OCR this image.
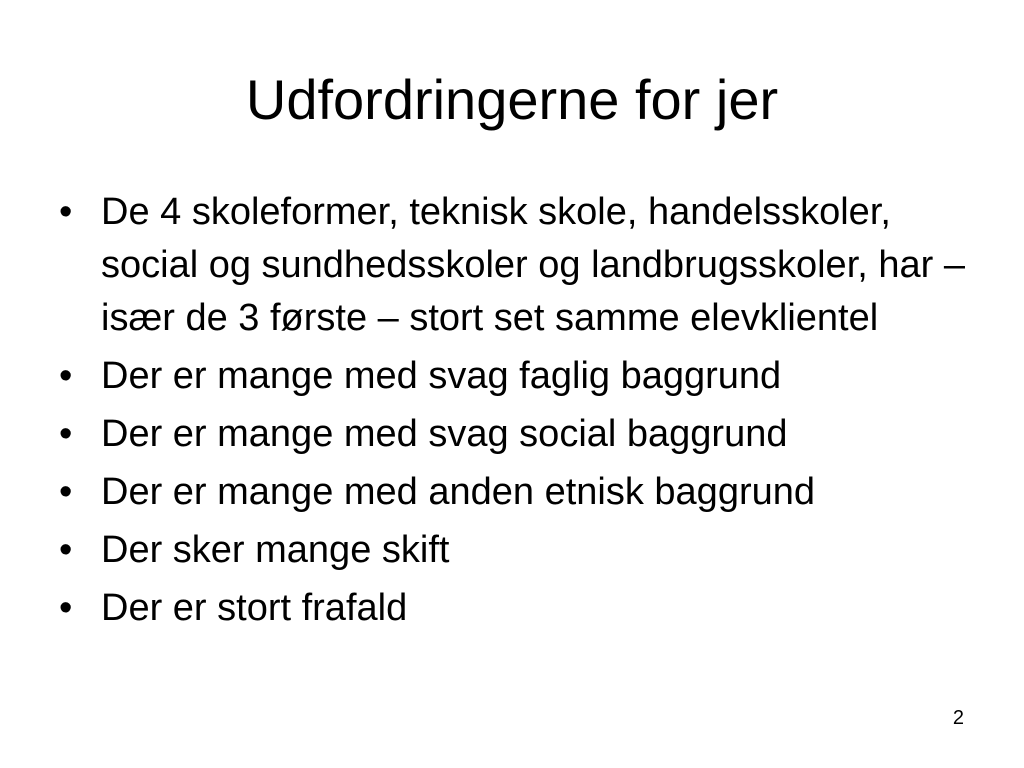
Udfordringerne for jer
• De 4 skoleformer, teknisk skole, handelsskoler, social og sundhedsskoler og landbrugsskoler, har – især de 3 første – stort set samme elevklientel
• Der er mange med svag faglig baggrund
• Der er mange med svag social baggrund
• Der er mange med anden etnisk baggrund
• Der sker mange skift
• Der er stort frafald
2
